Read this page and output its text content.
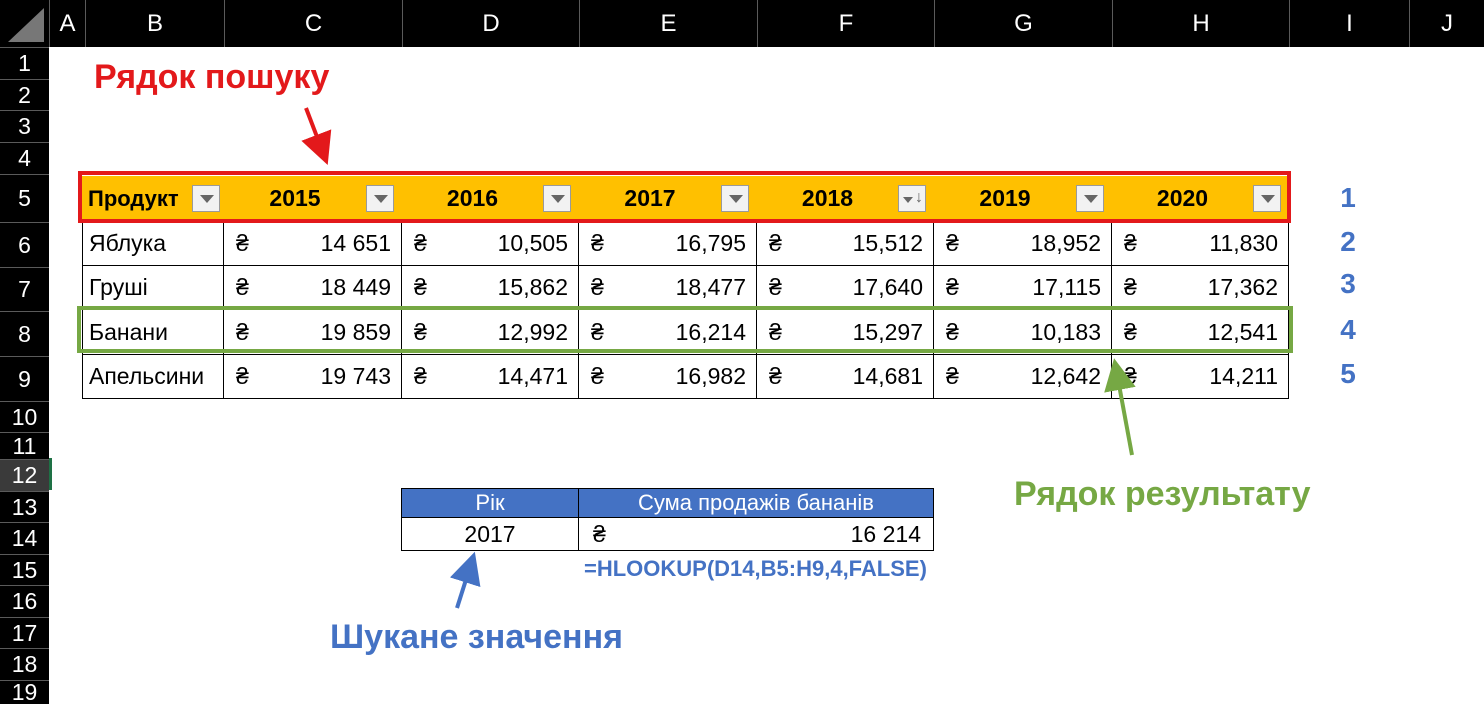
A	B	C	D	E	F	G	H	I	J
1
2
3
4
5
6
7
8
9
10
11
12
13
14
15
16
17
18
19
Рядок пошуку
Продукт	2015	2016	2017	2018	↓	2019	2020
Яблука	₴	14 651	₴	10,505	₴	16,795	₴	15,512	₴	18,952	₴	11,830
Груші	₴	18 449	₴	15,862	₴	18,477	₴	17,640	₴	17,115	₴	17,362
Банани	₴	19 859	₴	12,992	₴	16,214	₴	15,297	₴	10,183	₴	12,541
Апельсини	₴	19 743	₴	14,471	₴	16,982	₴	14,681	₴	12,642	₴	14,211
1
2
3
4
5
Рік	Сума продажів бананів
2017	₴	16 214
=HLOOKUP(D14,B5:H9,4,FALSE)
Рядок результату
Шукане значення
